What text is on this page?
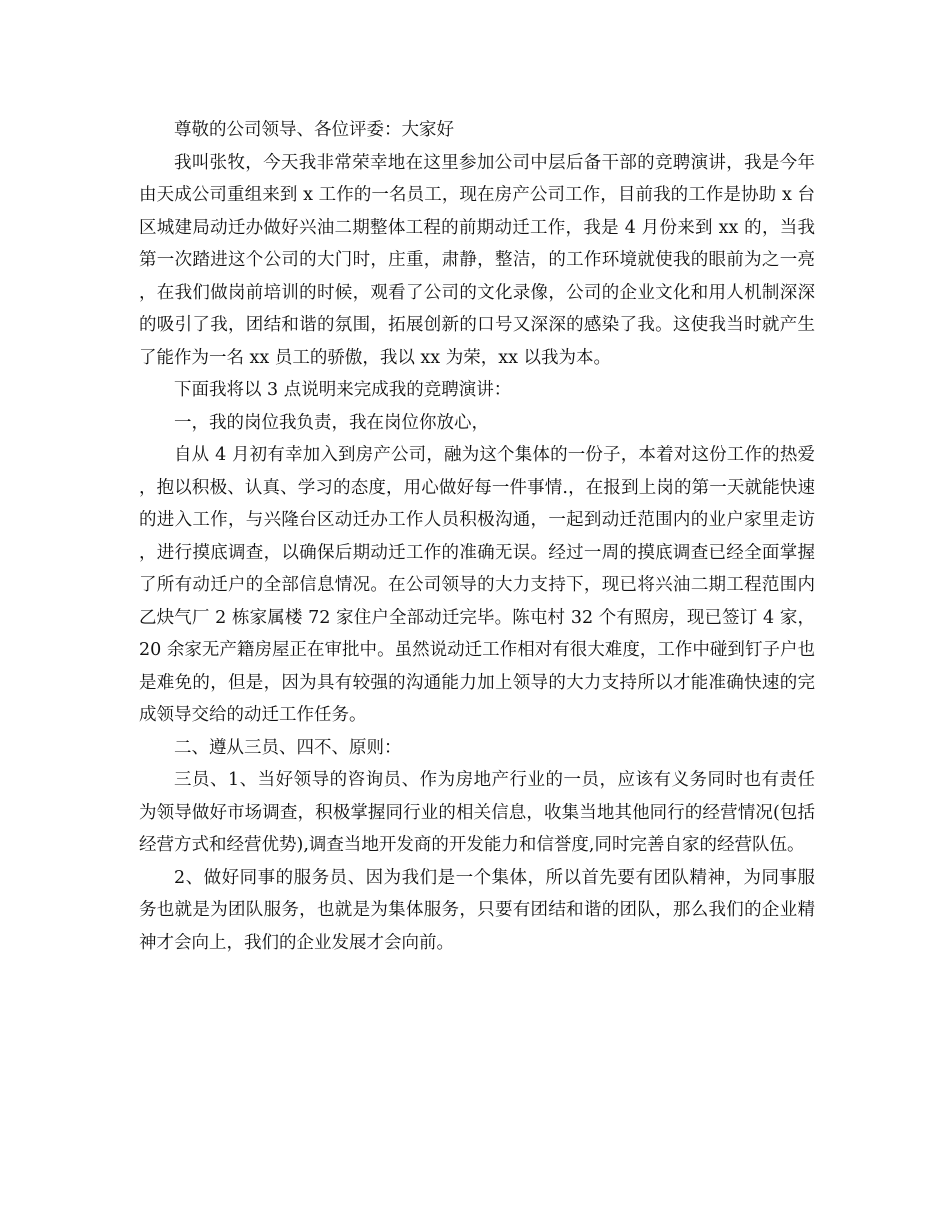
尊敬的公司领导、各位评委：大家好

我叫张牧，今天我非常荣幸地在这里参加公司中层后备干部的竞聘演讲，我是今年由天成公司重组来到 x 工作的一名员工，现在房产公司工作，目前我的工作是协助 x 台区城建局动迁办做好兴油二期整体工程的前期动迁工作，我是 4 月份来到 xx 的，当我第一次踏进这个公司的大门时，庄重，肃静，整洁，的工作环境就使我的眼前为之一亮，在我们做岗前培训的时候，观看了公司的文化录像，公司的企业文化和用人机制深深的吸引了我，团结和谐的氛围，拓展创新的口号又深深的感染了我。这使我当时就产生了能作为一名 xx 员工的骄傲，我以 xx 为荣，xx 以我为本。

下面我将以 3 点说明来完成我的竞聘演讲：

一，我的岗位我负责，我在岗位你放心，

自从 4 月初有幸加入到房产公司，融为这个集体的一份子，本着对这份工作的热爱，抱以积极、认真、学习的态度，用心做好每一件事情.，在报到上岗的第一天就能快速的进入工作，与兴隆台区动迁办工作人员积极沟通，一起到动迁范围内的业户家里走访，进行摸底调查，以确保后期动迁工作的准确无误。经过一周的摸底调查已经全面掌握了所有动迁户的全部信息情况。在公司领导的大力支持下，现已将兴油二期工程范围内乙炔气厂 2 栋家属楼 72 家住户全部动迁完毕。陈屯村 32 个有照房，现已签订 4 家，20 余家无产籍房屋正在审批中。虽然说动迁工作相对有很大难度，工作中碰到钉子户也是难免的，但是，因为具有较强的沟通能力加上领导的大力支持所以才能准确快速的完成领导交给的动迁工作任务。

二、遵从三员、四不、原则：

三员、1、当好领导的咨询员、作为房地产行业的一员，应该有义务同时也有责任为领导做好市场调查，积极掌握同行业的相关信息，收集当地其他同行的经营情况(包括经营方式和经营优势),调查当地开发商的开发能力和信誉度,同时完善自家的经营队伍。

2、做好同事的服务员、因为我们是一个集体，所以首先要有团队精神，为同事服务也就是为团队服务，也就是为集体服务，只要有团结和谐的团队，那么我们的企业精神才会向上，我们的企业发展才会向前。
